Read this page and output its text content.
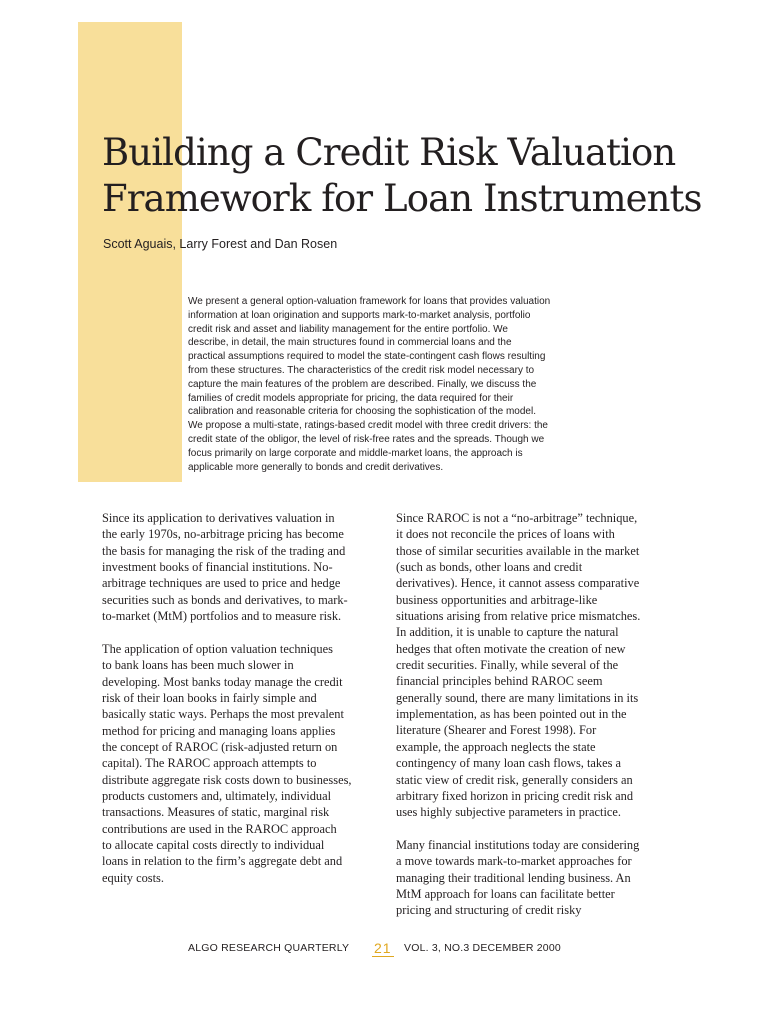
Building a Credit Risk Valuation
Framework for Loan Instruments
Scott Aguais, Larry Forest and Dan Rosen
We present a general option-valuation framework for loans that provides valuation
information at loan origination and supports mark-to-market analysis, portfolio
credit risk and asset and liability management for the entire portfolio. We
describe, in detail, the main structures found in commercial loans and the
practical assumptions required to model the state-contingent cash flows resulting
from these structures. The characteristics of the credit risk model necessary to
capture the main features of the problem are described. Finally, we discuss the
families of credit models appropriate for pricing, the data required for their
calibration and reasonable criteria for choosing the sophistication of the model.
We propose a multi-state, ratings-based credit model with three credit drivers: the
credit state of the obligor, the level of risk-free rates and the spreads. Though we
focus primarily on large corporate and middle-market loans, the approach is
applicable more generally to bonds and credit derivatives.

Since its application to derivatives valuation in
the early 1970s, no-arbitrage pricing has become
the basis for managing the risk of the trading and
investment books of financial institutions. No-
arbitrage techniques are used to price and hedge
securities such as bonds and derivatives, to mark-
to-market (MtM) portfolios and to measure risk.

The application of option valuation techniques
to bank loans has been much slower in
developing. Most banks today manage the credit
risk of their loan books in fairly simple and
basically static ways. Perhaps the most prevalent
method for pricing and managing loans applies
the concept of RAROC (risk-adjusted return on
capital). The RAROC approach attempts to
distribute aggregate risk costs down to businesses,
products customers and, ultimately, individual
transactions. Measures of static, marginal risk
contributions are used in the RAROC approach
to allocate capital costs directly to individual
loans in relation to the firm’s aggregate debt and
equity costs.

Since RAROC is not a “no-arbitrage” technique,
it does not reconcile the prices of loans with
those of similar securities available in the market
(such as bonds, other loans and credit
derivatives). Hence, it cannot assess comparative
business opportunities and arbitrage-like
situations arising from relative price mismatches.
In addition, it is unable to capture the natural
hedges that often motivate the creation of new
credit securities. Finally, while several of the
financial principles behind RAROC seem
generally sound, there are many limitations in its
implementation, as has been pointed out in the
literature (Shearer and Forest 1998). For
example, the approach neglects the state
contingency of many loan cash flows, takes a
static view of credit risk, generally considers an
arbitrary fixed horizon in pricing credit risk and
uses highly subjective parameters in practice.

Many financial institutions today are considering
a move towards mark-to-market approaches for
managing their traditional lending business. An
MtM approach for loans can facilitate better
pricing and structuring of credit risky

ALGO RESEARCH QUARTERLY 21 VOL. 3, NO.3 DECEMBER 2000
